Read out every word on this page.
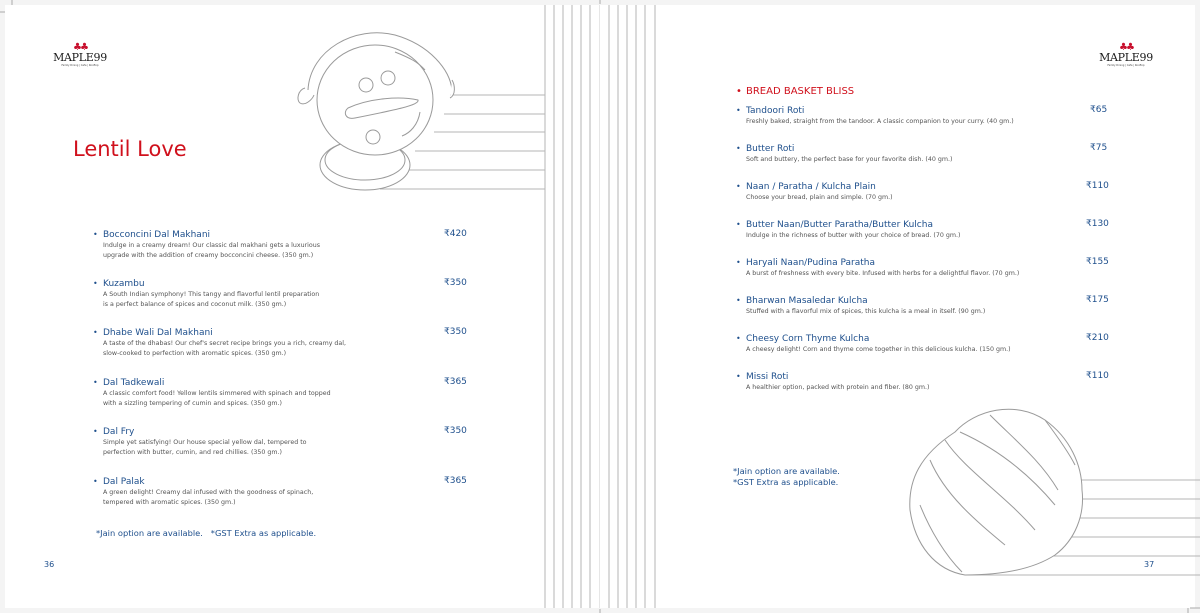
♣♣
MAPLE99
Family Dining | Cafe | Rooftop
Lentil Love
• Bocconcini Dal Makhani
Indulge in a creamy dream! Our classic dal makhani gets a luxurious
upgrade with the addition of creamy bocconcini cheese. (350 gm.)
₹420
• Kuzambu
A South Indian symphony! This tangy and flavorful lentil preparation
is a perfect balance of spices and coconut milk. (350 gm.)
₹350
• Dhabe Wali Dal Makhani
A taste of the dhabas! Our chef's secret recipe brings you a rich, creamy dal,
slow-cooked to perfection with aromatic spices. (350 gm.)
₹350
• Dal Tadkewali
A classic comfort food! Yellow lentils simmered with spinach and topped
with a sizzling tempering of cumin and spices. (350 gm.)
₹365
• Dal Fry
Simple yet satisfying! Our house special yellow dal, tempered to
perfection with butter, cumin, and red chillies. (350 gm.)
₹350
• Dal Palak
A green delight! Creamy dal infused with the goodness of spinach,
tempered with aromatic spices. (350 gm.)
₹365
*Jain option are available.   *GST Extra as applicable.
36
♣♣
MAPLE99
Family Dining | Cafe | Rooftop
• BREAD BASKET BLISS
• Tandoori Roti
Freshly baked, straight from the tandoor. A classic companion to your curry. (40 gm.)
₹65
• Butter Roti
Soft and buttery, the perfect base for your favorite dish. (40 gm.)
₹75
• Naan / Paratha / Kulcha Plain
Choose your bread, plain and simple. (70 gm.)
₹110
• Butter Naan/Butter Paratha/Butter Kulcha
Indulge in the richness of butter with your choice of bread. (70 gm.)
₹130
• Haryali Naan/Pudina Paratha
A burst of freshness with every bite. Infused with herbs for a delightful flavor. (70 gm.)
₹155
• Bharwan Masaledar Kulcha
Stuffed with a flavorful mix of spices, this kulcha is a meal in itself. (90 gm.)
₹175
• Cheesy Corn Thyme Kulcha
A cheesy delight! Corn and thyme come together in this delicious kulcha. (150 gm.)
₹210
• Missi Roti
A healthier option, packed with protein and fiber. (80 gm.)
₹110
*Jain option are available.
*GST Extra as applicable.
37
